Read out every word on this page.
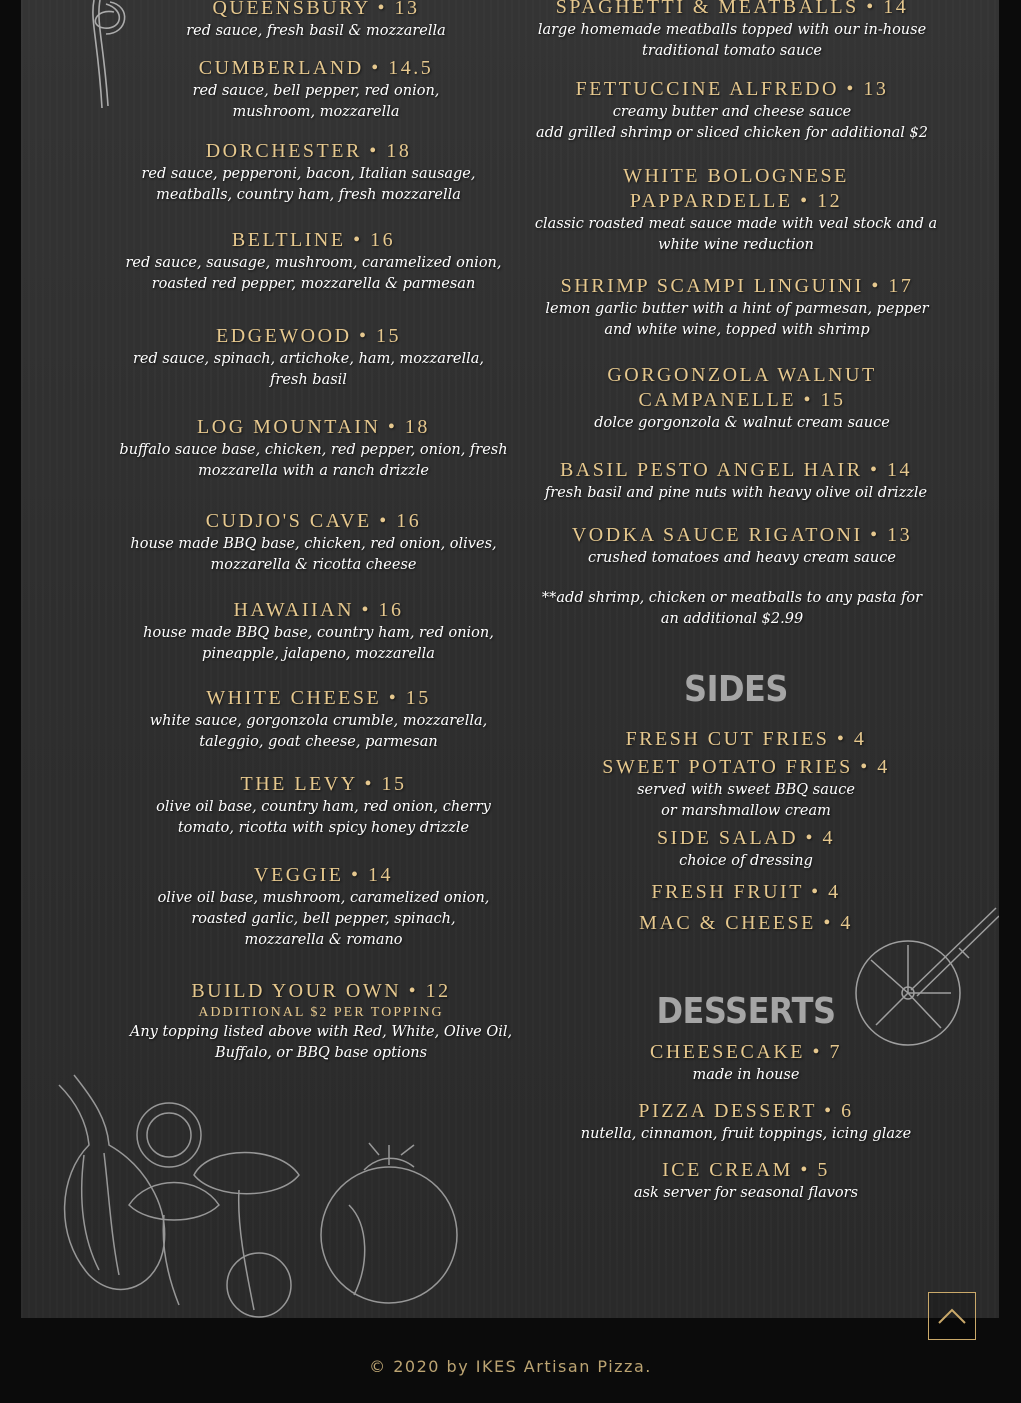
QUEENSBURY • 13
red sauce, fresh basil & mozzarella
CUMBERLAND • 14.5
red sauce, bell pepper, red onion,
mushroom, mozzarella
DORCHESTER • 18
red sauce, pepperoni, bacon, Italian sausage,
meatballs, country ham, fresh mozzarella
BELTLINE • 16
red sauce, sausage, mushroom, caramelized onion,
roasted red pepper, mozzarella & parmesan
EDGEWOOD • 15
red sauce, spinach, artichoke, ham, mozzarella,
fresh basil
LOG MOUNTAIN • 18
buffalo sauce base, chicken, red pepper, onion, fresh
mozzarella with a ranch drizzle
CUDJO'S CAVE • 16
house made BBQ base, chicken, red onion, olives,
mozzarella & ricotta cheese
HAWAIIAN • 16
house made BBQ base, country ham, red onion,
pineapple, jalapeno, mozzarella
WHITE CHEESE • 15
white sauce, gorgonzola crumble, mozzarella,
taleggio, goat cheese, parmesan
THE LEVY • 15
olive oil base, country ham, red onion, cherry
tomato, ricotta with spicy honey drizzle
VEGGIE • 14
olive oil base, mushroom, caramelized onion,
roasted garlic, bell pepper, spinach,
mozzarella & romano
BUILD YOUR OWN • 12
ADDITIONAL $2 PER TOPPING
Any topping listed above with Red, White, Olive Oil,
Buffalo, or BBQ base options
SPAGHETTI & MEATBALLS • 14
large homemade meatballs topped with our in-house
traditional tomato sauce
FETTUCCINE ALFREDO • 13
creamy butter and cheese sauce
add grilled shrimp or sliced chicken for additional $2
WHITE BOLOGNESE
PAPPARDELLE • 12
classic roasted meat sauce made with veal stock and a
white wine reduction
SHRIMP SCAMPI LINGUINI • 17
lemon garlic butter with a hint of parmesan, pepper
and white wine, topped with shrimp
GORGONZOLA WALNUT
CAMPANELLE • 15
dolce gorgonzola & walnut cream sauce
BASIL PESTO ANGEL HAIR • 14
fresh basil and pine nuts with heavy olive oil drizzle
VODKA SAUCE RIGATONI • 13
crushed tomatoes and heavy cream sauce
**add shrimp, chicken or meatballs to any pasta for
an additional $2.99
SIDES
FRESH CUT FRIES • 4
SWEET POTATO FRIES • 4
served with sweet BBQ sauce
or marshmallow cream
SIDE SALAD • 4
choice of dressing
FRESH FRUIT • 4
MAC & CHEESE • 4
DESSERTS
CHEESECAKE • 7
made in house
PIZZA DESSERT • 6
nutella, cinnamon, fruit toppings, icing glaze
ICE CREAM • 5
ask server for seasonal flavors
© 2020 by IKES Artisan Pizza.
